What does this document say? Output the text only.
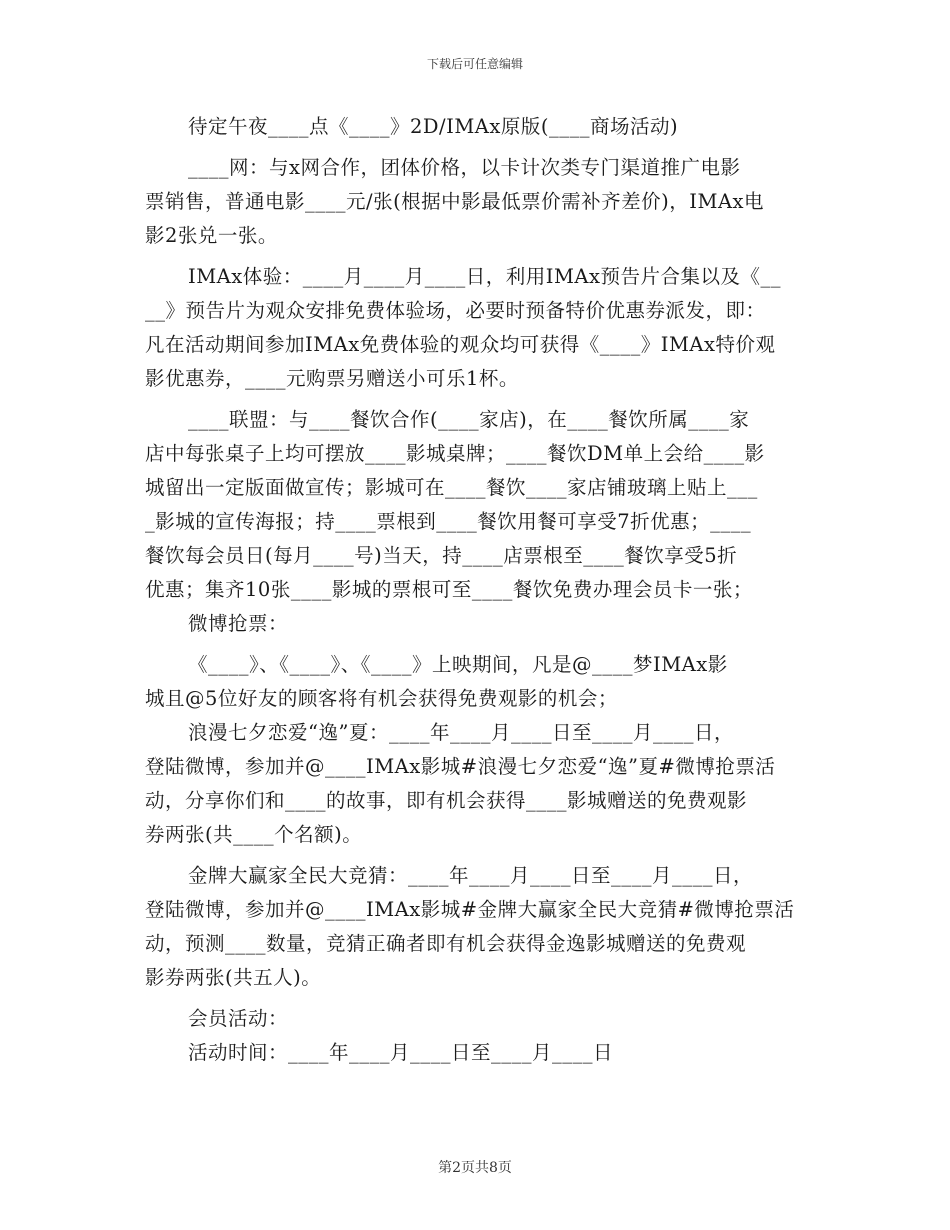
下载后可任意编辑
待定午夜____点《____》2D/IMAx原版(____商场活动)
____网：与x网合作，团体价格，以卡计次类专门渠道推广电影
票销售，普通电影____元/张(根据中影最低票价需补齐差价)，IMAx电
影2张兑一张。
IMAx体验：____月____月____日，利用IMAx预告片合集以及《__
__》预告片为观众安排免费体验场，必要时预备特价优惠券派发，即：
凡在活动期间参加IMAx免费体验的观众均可获得《____》IMAx特价观
影优惠券，____元购票另赠送小可乐1杯。
____联盟：与____餐饮合作(____家店)，在____餐饮所属____家
店中每张桌子上均可摆放____影城桌牌；____餐饮DM单上会给____影
城留出一定版面做宣传；影城可在____餐饮____家店铺玻璃上贴上___
_影城的宣传海报；持____票根到____餐饮用餐可享受7折优惠；____
餐饮每会员日(每月____号)当天，持____店票根至____餐饮享受5折
优惠；集齐10张____影城的票根可至____餐饮免费办理会员卡一张；
微博抢票：
《____》、《____》、《____》上映期间，凡是@____梦IMAx影
城且@5位好友的顾客将有机会获得免费观影的机会；
浪漫七夕恋爱“逸”夏：____年____月____日至____月____日，
登陆微博，参加并@____IMAx影城#浪漫七夕恋爱“逸”夏#微博抢票活
动，分享你们和____的故事，即有机会获得____影城赠送的免费观影
券两张(共____个名额)。
金牌大赢家全民大竞猜：____年____月____日至____月____日，
登陆微博，参加并@____IMAx影城#金牌大赢家全民大竞猜#微博抢票活
动，预测____数量，竞猜正确者即有机会获得金逸影城赠送的免费观
影券两张(共五人)。
会员活动：
活动时间：____年____月____日至____月____日
第2页共8页
